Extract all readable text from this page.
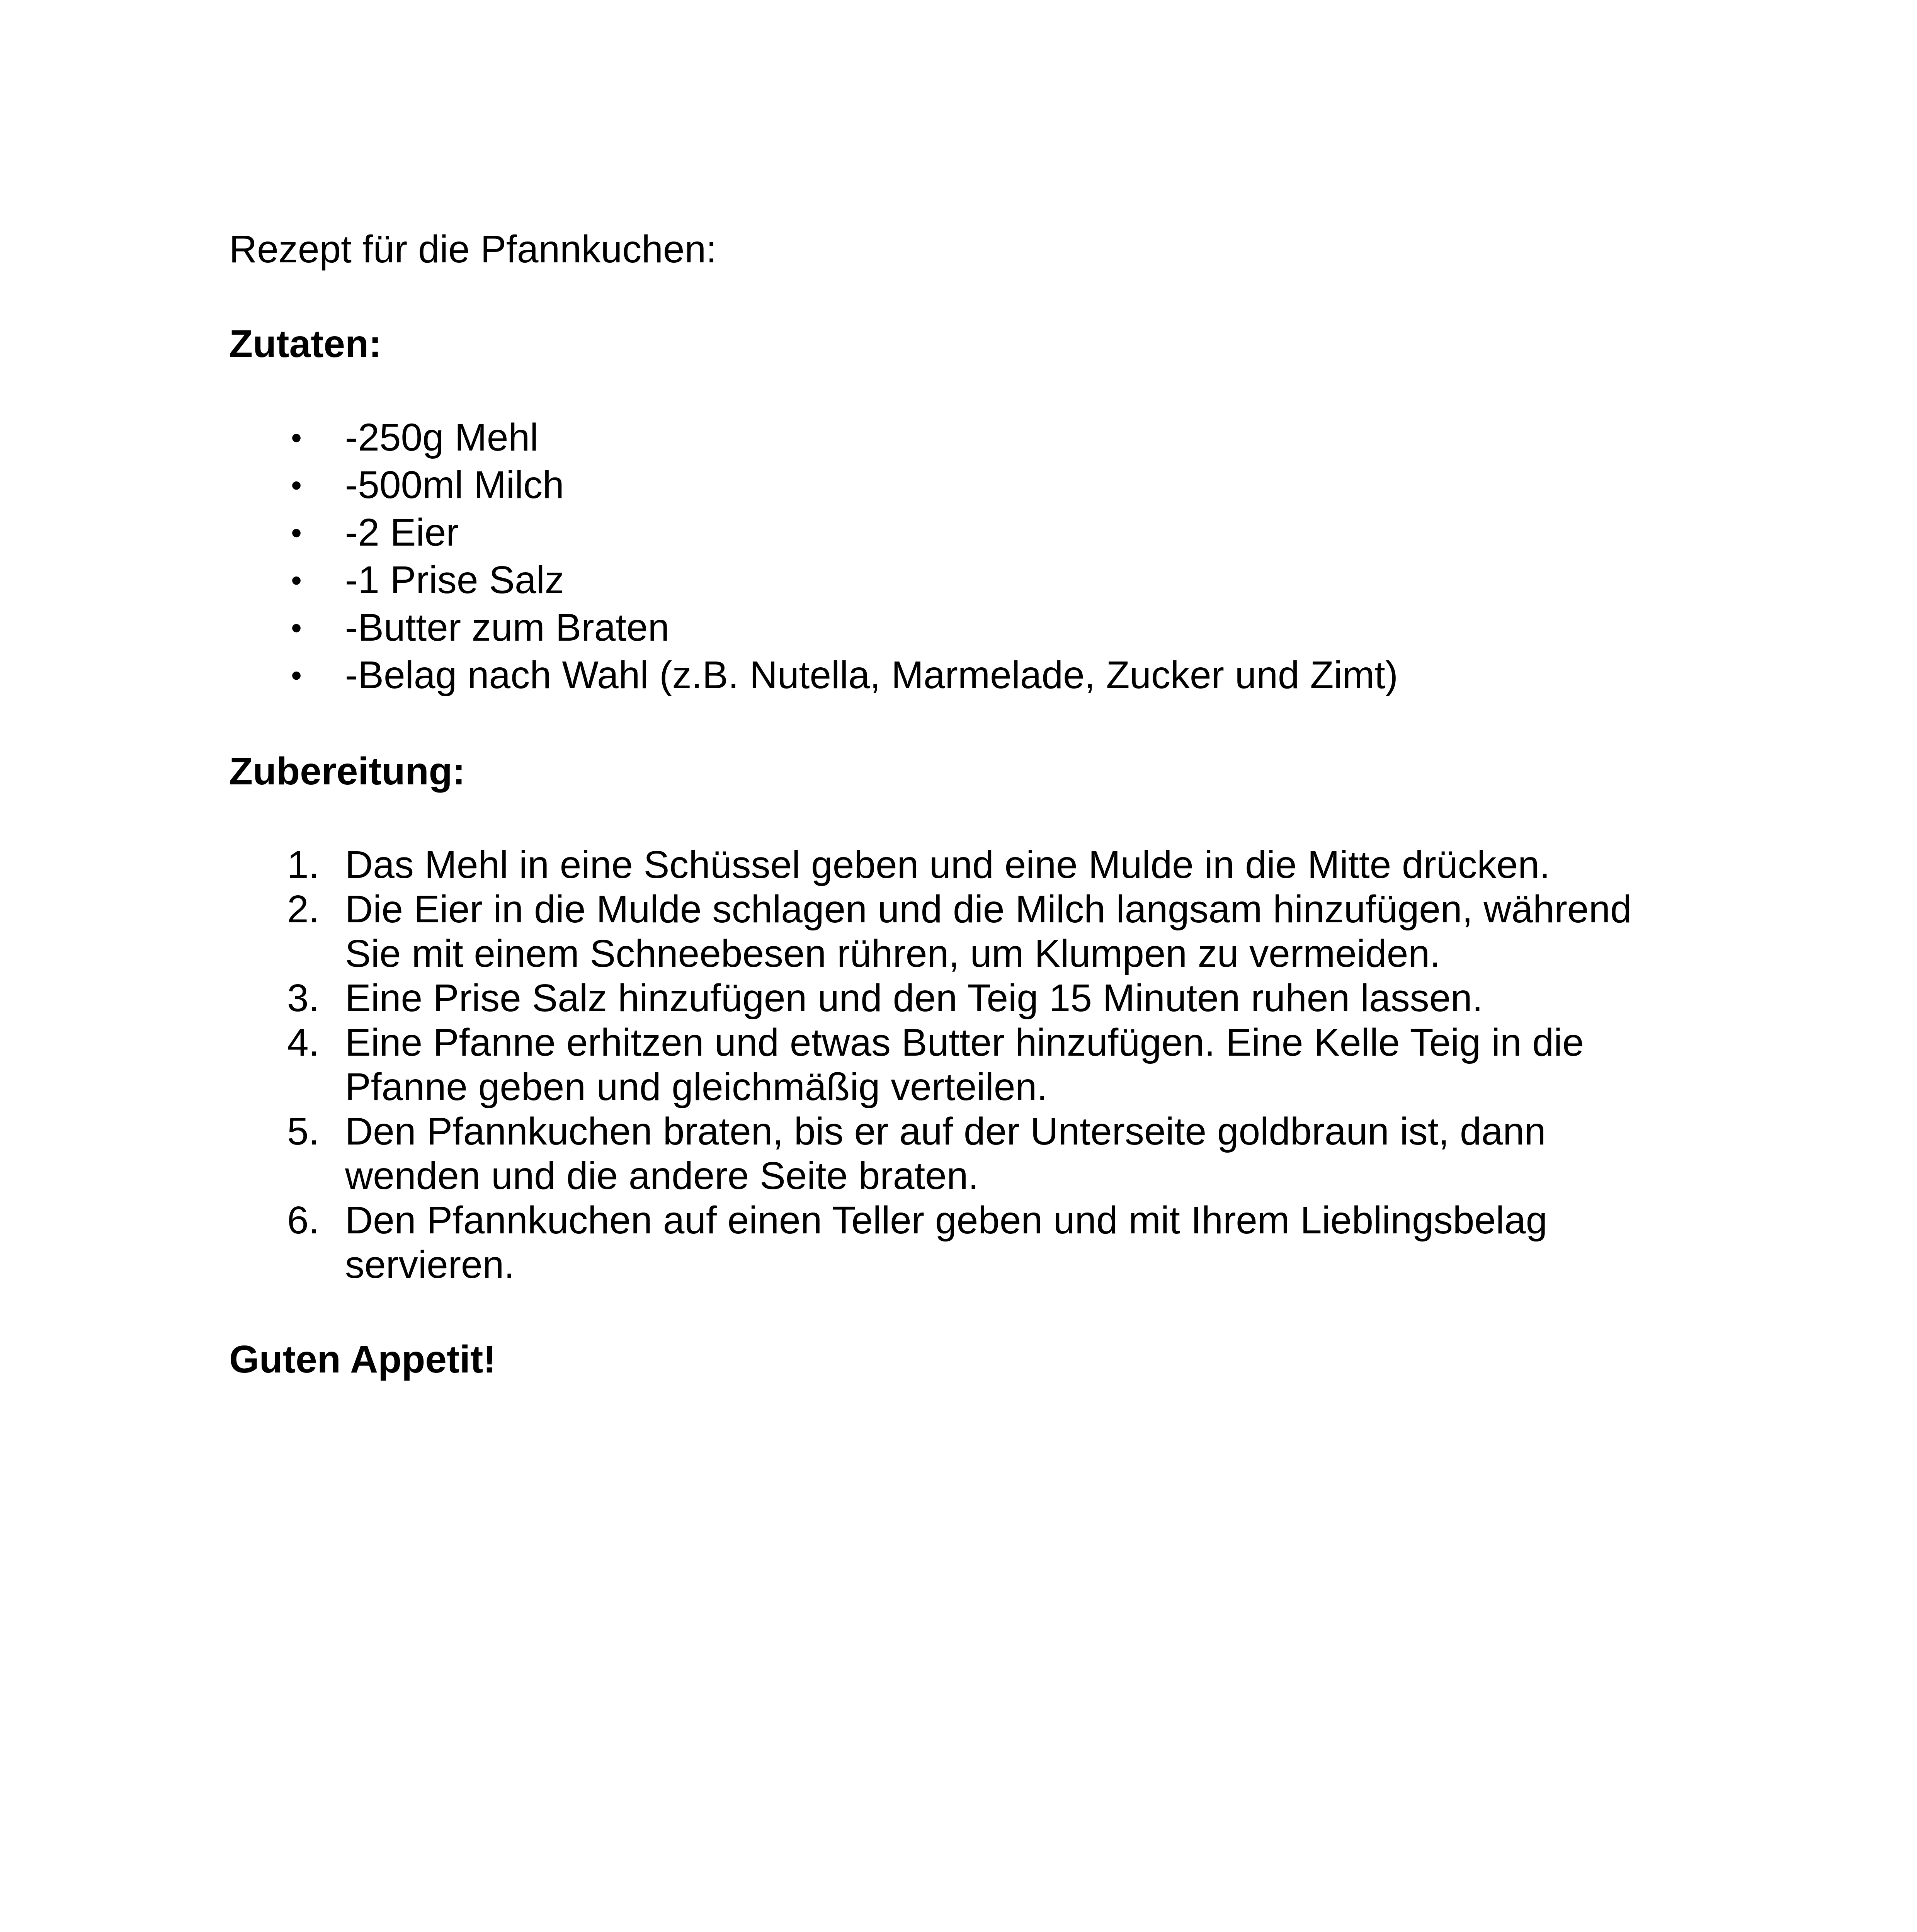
Rezept für die Pfannkuchen:

Zutaten:

• -250g Mehl
• -500ml Milch
• -2 Eier
• -1 Prise Salz
• -Butter zum Braten
• -Belag nach Wahl (z.B. Nutella, Marmelade, Zucker und Zimt)

Zubereitung:

1. Das Mehl in eine Schüssel geben und eine Mulde in die Mitte drücken.
2. Die Eier in die Mulde schlagen und die Milch langsam hinzufügen, während
Sie mit einem Schneebesen rühren, um Klumpen zu vermeiden.
3. Eine Prise Salz hinzufügen und den Teig 15 Minuten ruhen lassen.
4. Eine Pfanne erhitzen und etwas Butter hinzufügen. Eine Kelle Teig in die
Pfanne geben und gleichmäßig verteilen.
5. Den Pfannkuchen braten, bis er auf der Unterseite goldbraun ist, dann
wenden und die andere Seite braten.
6. Den Pfannkuchen auf einen Teller geben und mit Ihrem Lieblingsbelag
servieren.

Guten Appetit!
